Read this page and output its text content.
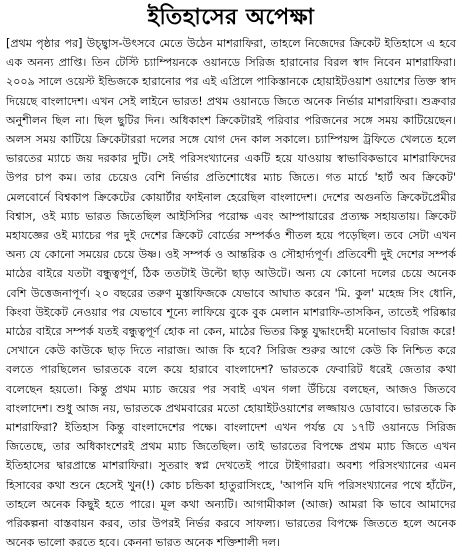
ইতিহাসের অপেক্ষা

[প্রথম পৃষ্ঠার পর] উচ্ছ্বাস-উৎসবে মেতে উঠেন মাশরাফিরা, তাহলে নিজেদের ক্রিকেট ইতিহাসে এ হবে এক অনন্য প্রাপ্তি। তিন টেস্টি চ্যাম্পিয়নকে ওয়ানডে সিরিজ হারানোর বিরল স্বাদ নিবেন মাশরাফিরা। ২০০৯ সালে ওয়েস্ট ইন্ডিজকে হারানোর পর এই এপ্রিলে পাকিস্তানকে হোয়াইটওয়াশ ওয়াশের তিক্ত স্বাদ দিয়েছে বাংলাদেশ। এখন সেই লাইনে ভারত! প্রথম ওয়ানডে জিতে অনেক নির্ভার মাশরাফিরা। শুক্রবার অনুশীলন ছিল না। ছিল ছুটির দিন। অধিকাংশ ক্রিকেটারই পরিবার পরিজনের সঙ্গে সময় কাটিয়েছেন। অলস সময় কাটিয়ে ক্রিকেটাররা দলের সঙ্গে যোগ দেন কাল সকালে। চ্যাম্পিয়ন্স ট্রফিতে খেলতে হলে ভারতের ম্যাচে জয় দরকার দুটি। সেই পরিসংখ্যানের একটি হয়ে যাওয়ায় স্বাভাবিকভাবে মাশরাফিদের উপর চাপ কম। তার চেয়েও বেশি নির্ভার প্রতিশোধের ম্যাচ জিতে। গত মার্চে 'হার্ট অব ক্রিকেট' মেলবোর্নে বিশ্বকাপ ক্রিকেটের কোয়ার্টার ফাইনাল হেরেছিল বাংলাদেশ। দেশের অগুনতি ক্রিকেটপ্রেমীর বিশ্বাস, ওই ম্যাচ ভারত জিতেছিল আইসিসির পরোক্ষ এবং আম্পায়ারের প্রত্যক্ষ সহায়তায়। ক্রিকেট মহাযজ্ঞের ওই ম্যাচের পর দুই দেশের ক্রিকেট বোর্ডের সম্পর্কও শীতল হয়ে পড়েছিল। তবে সেটা এখন অন্য যে কোনো সময়ের চেয়ে উষ্ণ। ওই সম্পর্ক ও আন্তরিক ও সৌহার্দ্যপূর্ণ। প্রতিবেশী দুই দেশের সম্পর্ক মাঠের বাইরে যতটা বন্ধুত্বপূর্ণ, ঠিক ততটাই উল্টো ছাড় আউটে। অন্য যে কোনো দলের চেয়ে অনেক বেশি উত্তেজনাপূর্ণ। ২০ বছরের তরুণ মুস্তাফিজকে যেভাবে আঘাত করেন 'মি. কুল' মহেন্দ্র সিং ধোনি, কিংবা উইকেট নেওয়ার পর যেভাবে শূন্যে লাফিয়ে বুকে বুক মেলান মাশরাফি-তাসকিন, তাতেই পরিষ্কার মাঠের বাইরে সম্পর্ক যতই বন্ধুত্বপূর্ণ হোক না কেন, মাঠের ভিতর কিন্তু যুদ্ধাংদেহী মনোভাব বিরাজ করে! সেখানে কেউ কাউকে ছাড় দিতে নারাজ। আজ কি হবে? সিরিজ শুরুর আগে কেউ কি নিশ্চিত করে বলতে পারছিলেন ভারতকে বলে কয়ে হারাবে বাংলাদেশ? ভারতকে ফেবারিট ধরেই জেতার কথা বলেছেন হয়তো। কিন্তু প্রথম ম্যাচ জয়ের পর সবাই এখন গলা উঁচিয়ে বলছেন, আজও জিতবে বাংলাদেশ। শুধু আজ নয়, ভারতকে প্রথমবারের মতো হোয়াইটওয়াশের লজ্জায়ও ডোবাবে। ভারতকে কি মাশরাফিরা? ইতিহাস কিন্তু বাংলাদেশের পক্ষে। বাংলাদেশ এখন পর্যন্ত যে ১৭টি ওয়ানডে সিরিজ জিতেছে, তার অধিকাংশেরই প্রথম ম্যাচ জিতেছিল। তাই ভারতের বিপক্ষে প্রথম ম্যাচ জিতে এখন ইতিহাসের দ্বারপ্রান্তে মাশরাফিরা। সুতরাং স্বপ্ন দেখতেই পারে টাইগাররা। অবশ্য পরিসংখ্যানের এমন হিসাবের কথা শুনে হেসেই খুন(!) কোচ চন্ডিকা হাতুরাসিংহে, 'আপনি যদি পরিসংখ্যানের পথে হাঁটেন, তাহলে অনেক কিছুই হতে পারে। মূল কথা অন্যটি। আগামীকাল (আজ) আমরা কি ভাবে আমাদের পরিকল্পনা বাস্তবায়ন করব, তার উপরই নির্ভর করবে সাফল্য। ভারতের বিপক্ষে জিততে হলে অনেক অনেক ভালো করতে হবে। কেননা ভারত অনেক শক্তিশালী দল।
